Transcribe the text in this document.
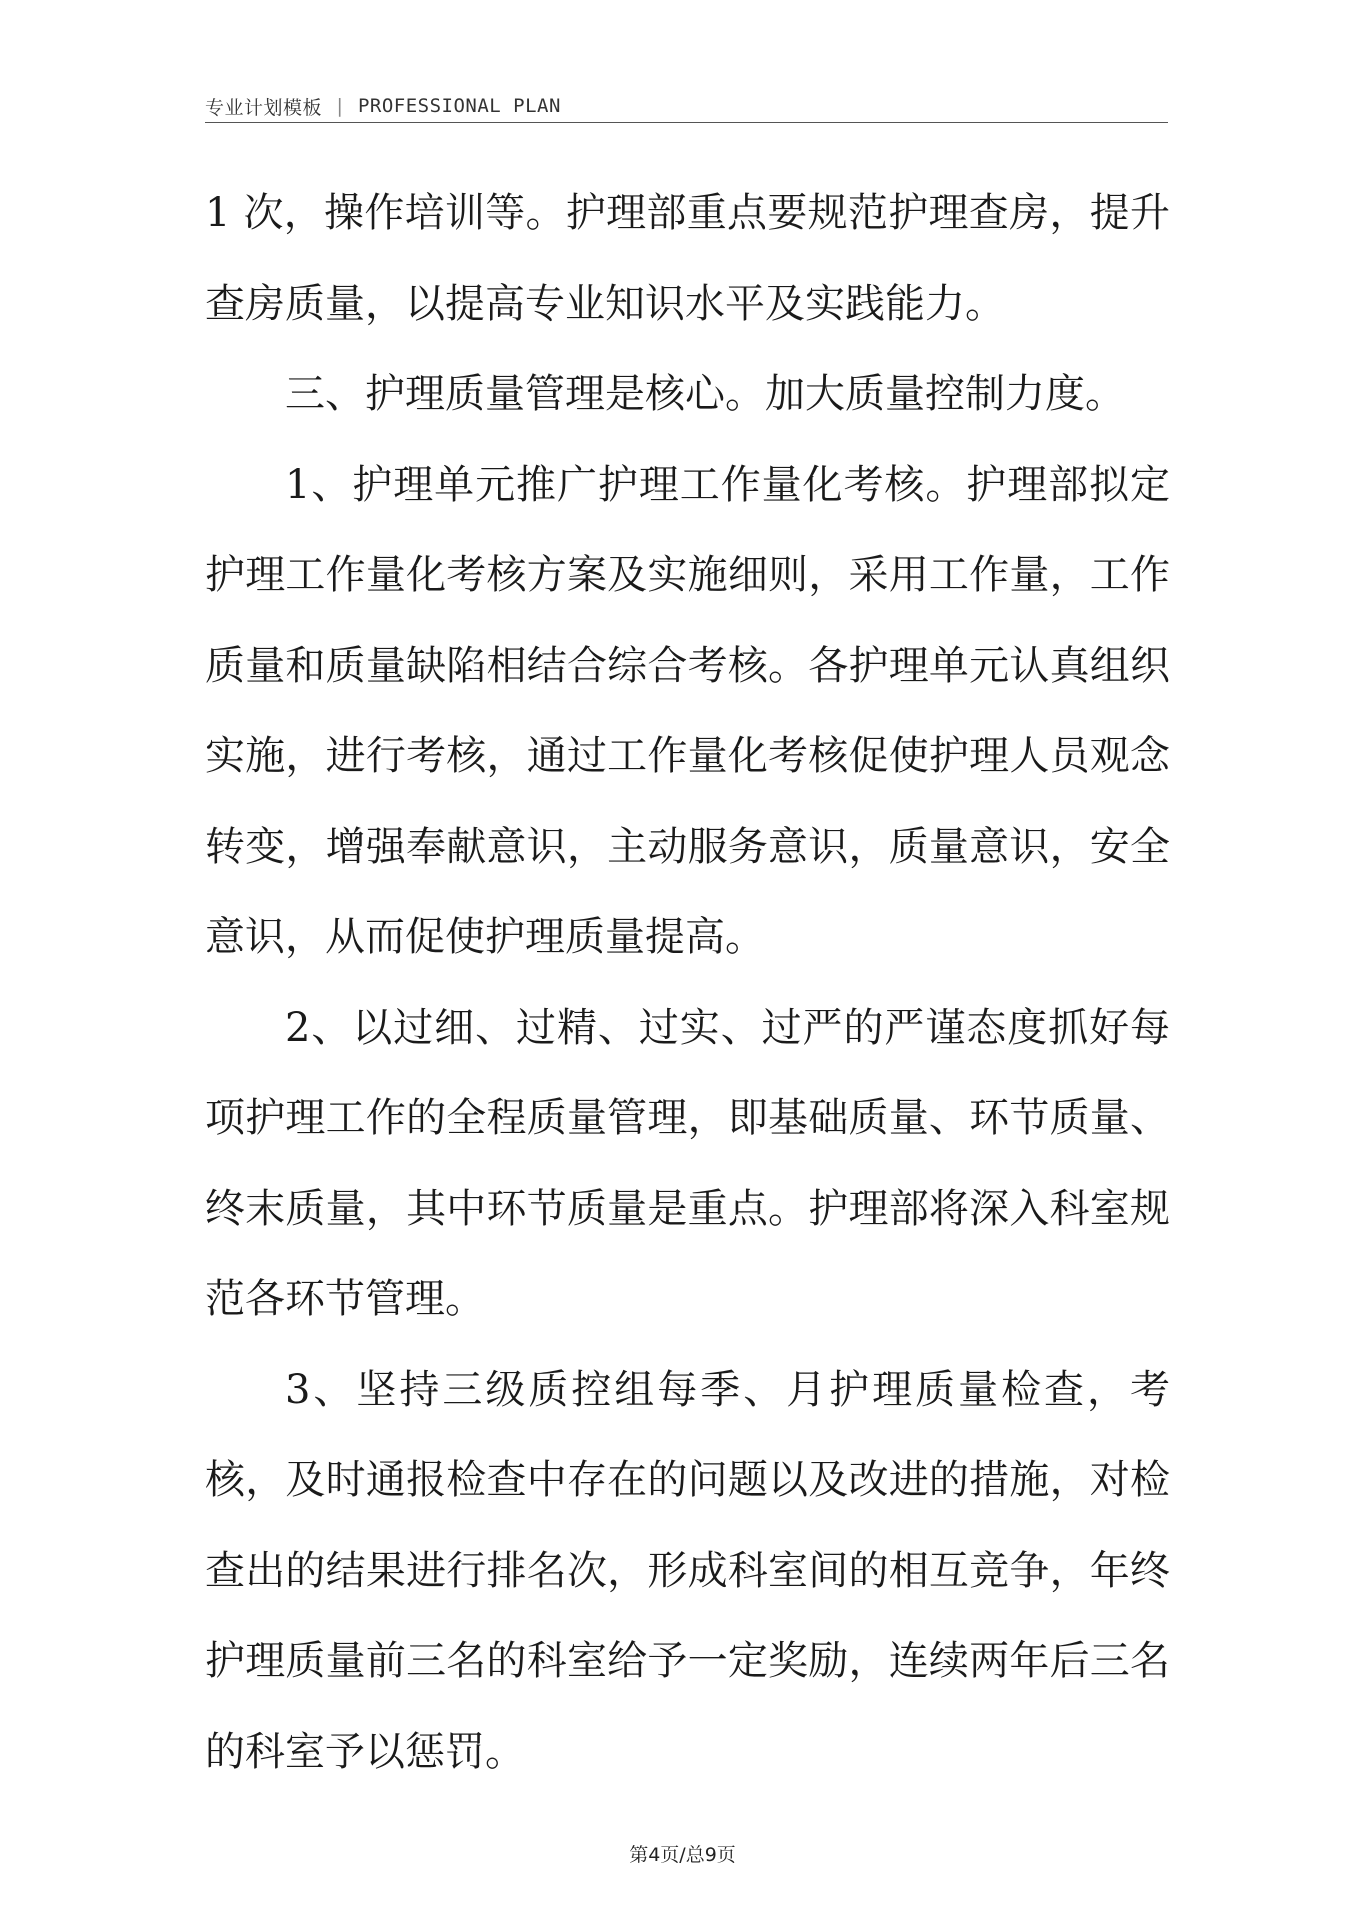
专业计划模板 | PROFESSIONAL PLAN

1 次，操作培训等。护理部重点要规范护理查房，提升查房质量，以提高专业知识水平及实践能力。

三、护理质量管理是核心。加大质量控制力度。

1、护理单元推广护理工作量化考核。护理部拟定护理工作量化考核方案及实施细则，采用工作量，工作质量和质量缺陷相结合综合考核。各护理单元认真组织实施，进行考核，通过工作量化考核促使护理人员观念转变，增强奉献意识，主动服务意识，质量意识，安全意识，从而促使护理质量提高。

2、以过细、过精、过实、过严的严谨态度抓好每项护理工作的全程质量管理，即基础质量、环节质量、终末质量，其中环节质量是重点。护理部将深入科室规范各环节管理。

3、坚持三级质控组每季、月护理质量检查，考核，及时通报检查中存在的问题以及改进的措施，对检查出的结果进行排名次，形成科室间的相互竞争，年终护理质量前三名的科室给予一定奖励，连续两年后三名的科室予以惩罚。

第4页/总9页
